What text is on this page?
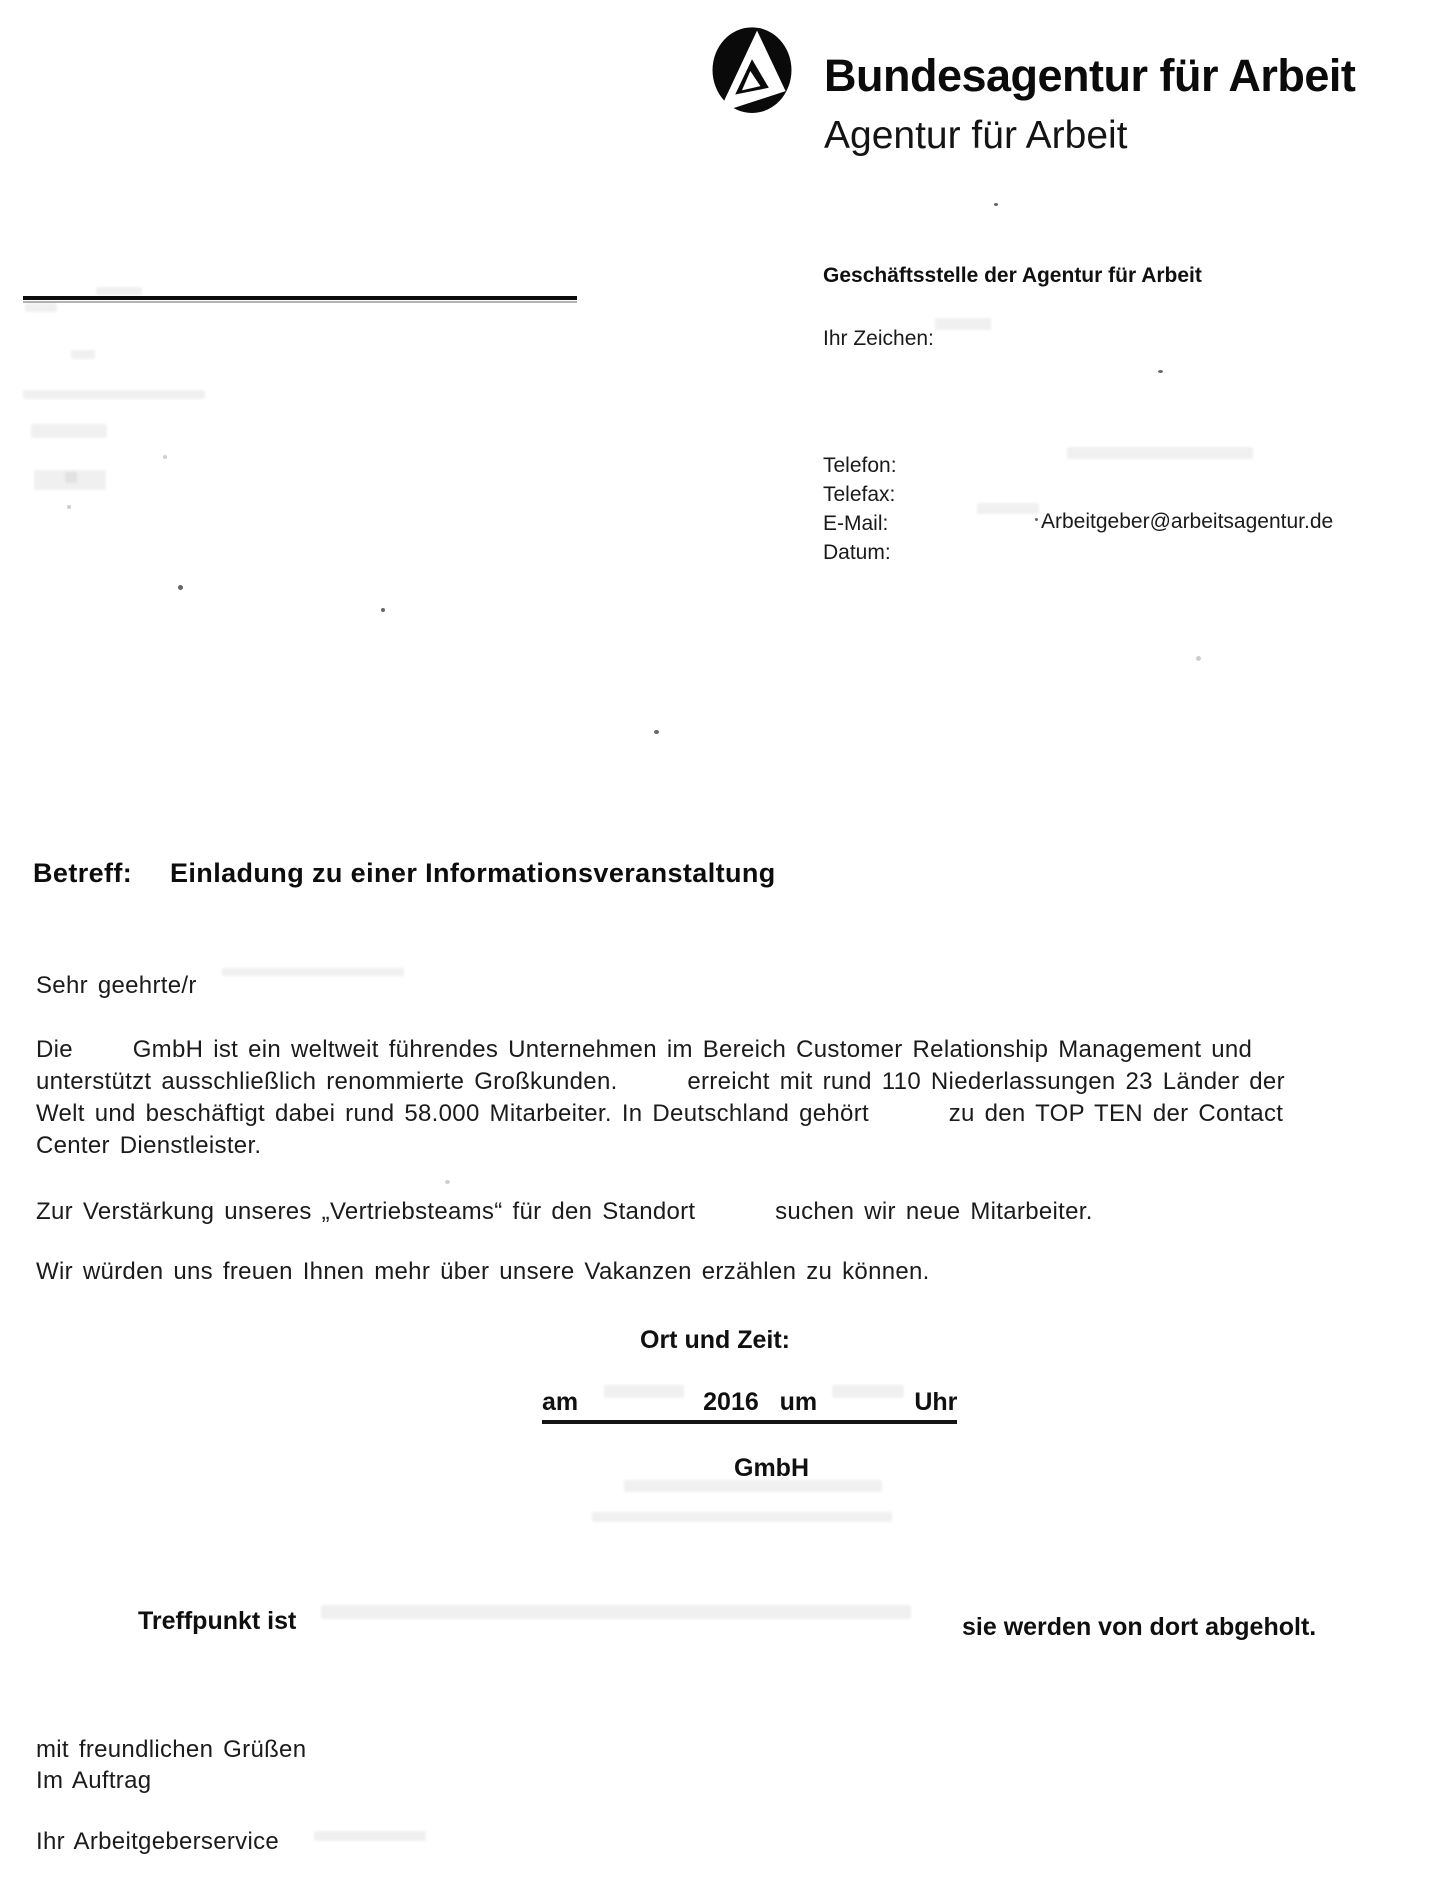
Bundesagentur für Arbeit
Agentur für Arbeit
Geschäftsstelle der Agentur für Arbeit
Ihr Zeichen:
Telefon:
Telefax:
E-Mail:	Arbeitgeber@arbeitsagentur.de
Datum:
Betreff: Einladung zu einer Informationsveranstaltung
Sehr geehrte/r
Die      GmbH ist ein weltweit führendes Unternehmen im Bereich Customer Relationship Management und
unterstützt ausschließlich renommierte Großkunden.       erreicht mit rund 110 Niederlassungen 23 Länder der
Welt und beschäftigt dabei rund 58.000 Mitarbeiter. In Deutschland gehört        zu den TOP TEN der Contact
Center Dienstleister.
Zur Verstärkung unseres „Vertriebsteams“ für den Standort        suchen wir neue Mitarbeiter.
Wir würden uns freuen Ihnen mehr über unsere Vakanzen erzählen zu können.
Ort und Zeit:
am                  2016   um              Uhr
GmbH
Treffpunkt ist	sie werden von dort abgeholt.
mit freundlichen Grüßen
Im Auftrag
Ihr Arbeitgeberservice
